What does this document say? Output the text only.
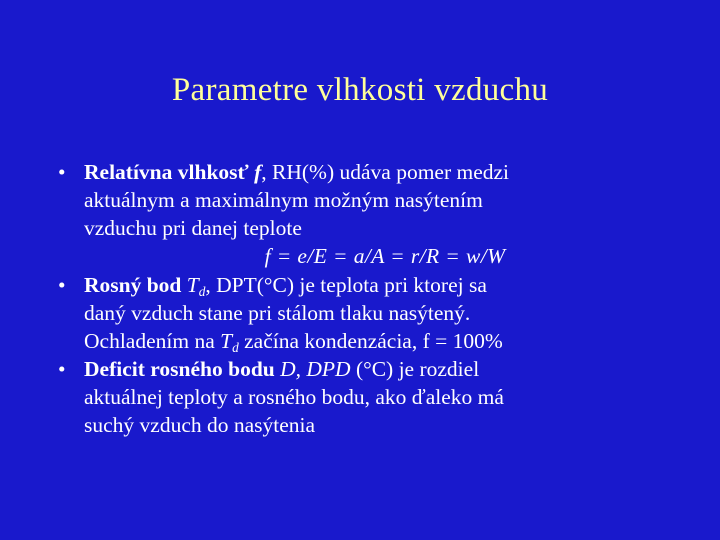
Parametre vlhkosti vzduchu
• Relatívna vlhkosť f, RH(%) udáva pomer medzi
aktuálnym a maximálnym možným nasýtením
vzduchu pri danej teplote
f = e/E = a/A = r/R = w/W
• Rosný bod $T_d$, DPT(°C) je teplota pri ktorej sa
daný vzduch stane pri stálom tlaku nasýtený.
Ochladením na $T_d$ začína kondenzácia, f = 100%
• Deficit rosného bodu D, DPD (°C) je rozdiel
aktuálnej teploty a rosného bodu, ako ďaleko má
suchý vzduch do nasýtenia
